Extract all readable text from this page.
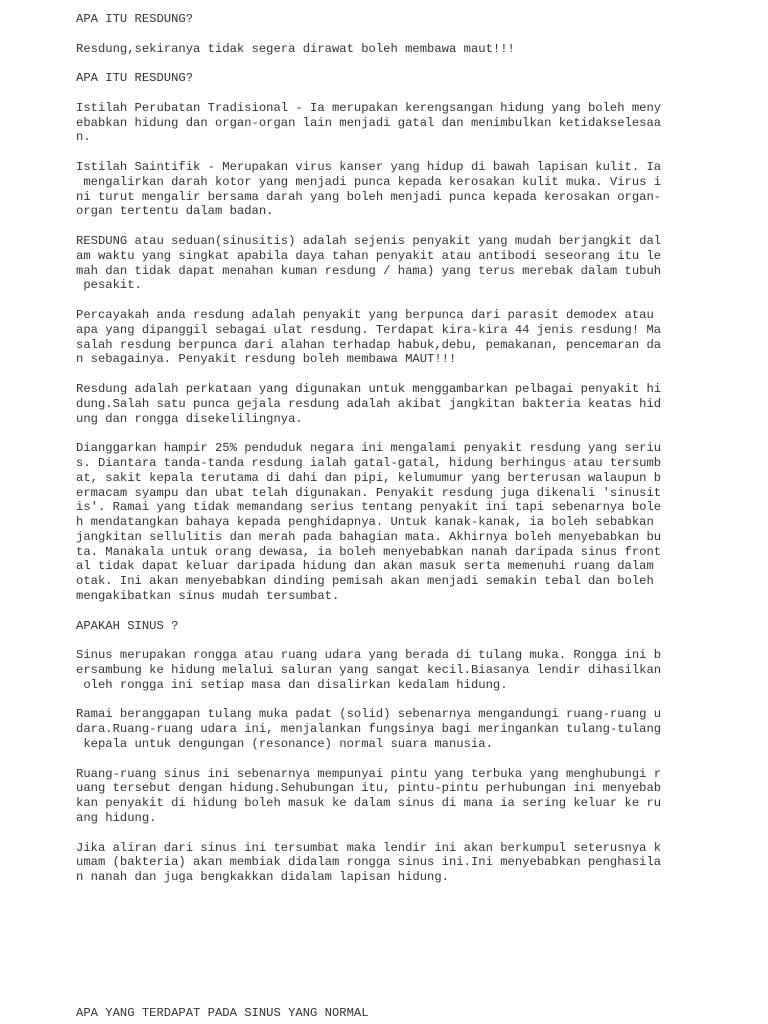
APA ITU RESDUNG?
Resdung,sekiranya tidak segera dirawat boleh membawa maut!!!
APA ITU RESDUNG?
Istilah Perubatan Tradisional - Ia merupakan kerengsangan hidung yang boleh meny
ebabkan hidung dan organ-organ lain menjadi gatal dan menimbulkan ketidakselesaa
n.
Istilah Saintifik - Merupakan virus kanser yang hidup di bawah lapisan kulit. Ia
mengalirkan darah kotor yang menjadi punca kepada kerosakan kulit muka. Virus i
ni turut mengalir bersama darah yang boleh menjadi punca kepada kerosakan organ-
organ tertentu dalam badan.
RESDUNG atau seduan(sinusitis) adalah sejenis penyakit yang mudah berjangkit dal
am waktu yang singkat apabila daya tahan penyakit atau antibodi seseorang itu le
mah dan tidak dapat menahan kuman resdung / hama) yang terus merebak dalam tubuh
pesakit.
Percayakah anda resdung adalah penyakit yang berpunca dari parasit demodex atau
apa yang dipanggil sebagai ulat resdung. Terdapat kira-kira 44 jenis resdung! Ma
salah resdung berpunca dari alahan terhadap habuk,debu, pemakanan, pencemaran da
n sebagainya. Penyakit resdung boleh membawa MAUT!!!
Resdung adalah perkataan yang digunakan untuk menggambarkan pelbagai penyakit hi
dung.Salah satu punca gejala resdung adalah akibat jangkitan bakteria keatas hid
ung dan rongga disekelilingnya.
Dianggarkan hampir 25% penduduk negara ini mengalami penyakit resdung yang seriu
s. Diantara tanda-tanda resdung ialah gatal-gatal, hidung berhingus atau tersumb
at, sakit kepala terutama di dahi dan pipi, kelumumur yang berterusan walaupun b
ermacam syampu dan ubat telah digunakan. Penyakit resdung juga dikenali 'sinusit
is'. Ramai yang tidak memandang serius tentang penyakit ini tapi sebenarnya bole
h mendatangkan bahaya kepada penghidapnya. Untuk kanak-kanak, ia boleh sebabkan
jangkitan sellulitis dan merah pada bahagian mata. Akhirnya boleh menyebabkan bu
ta. Manakala untuk orang dewasa, ia boleh menyebabkan nanah daripada sinus front
al tidak dapat keluar daripada hidung dan akan masuk serta memenuhi ruang dalam
otak. Ini akan menyebabkan dinding pemisah akan menjadi semakin tebal dan boleh
mengakibatkan sinus mudah tersumbat.
APAKAH SINUS ?
Sinus merupakan rongga atau ruang udara yang berada di tulang muka. Rongga ini b
ersambung ke hidung melalui saluran yang sangat kecil.Biasanya lendir dihasilkan
oleh rongga ini setiap masa dan disalirkan kedalam hidung.
Ramai beranggapan tulang muka padat (solid) sebenarnya mengandungi ruang-ruang u
dara.Ruang-ruang udara ini, menjalankan fungsinya bagi meringankan tulang-tulang
kepala untuk dengungan (resonance) normal suara manusia.
Ruang-ruang sinus ini sebenarnya mempunyai pintu yang terbuka yang menghubungi r
uang tersebut dengan hidung.Sehubungan itu, pintu-pintu perhubungan ini menyebab
kan penyakit di hidung boleh masuk ke dalam sinus di mana ia sering keluar ke ru
ang hidung.
Jika aliran dari sinus ini tersumbat maka lendir ini akan berkumpul seterusnya k
umam (bakteria) akan membiak didalam rongga sinus ini.Ini menyebabkan penghasila
n nanah dan juga bengkakkan didalam lapisan hidung.
APA YANG TERDAPAT PADA SINUS YANG NORMAL
